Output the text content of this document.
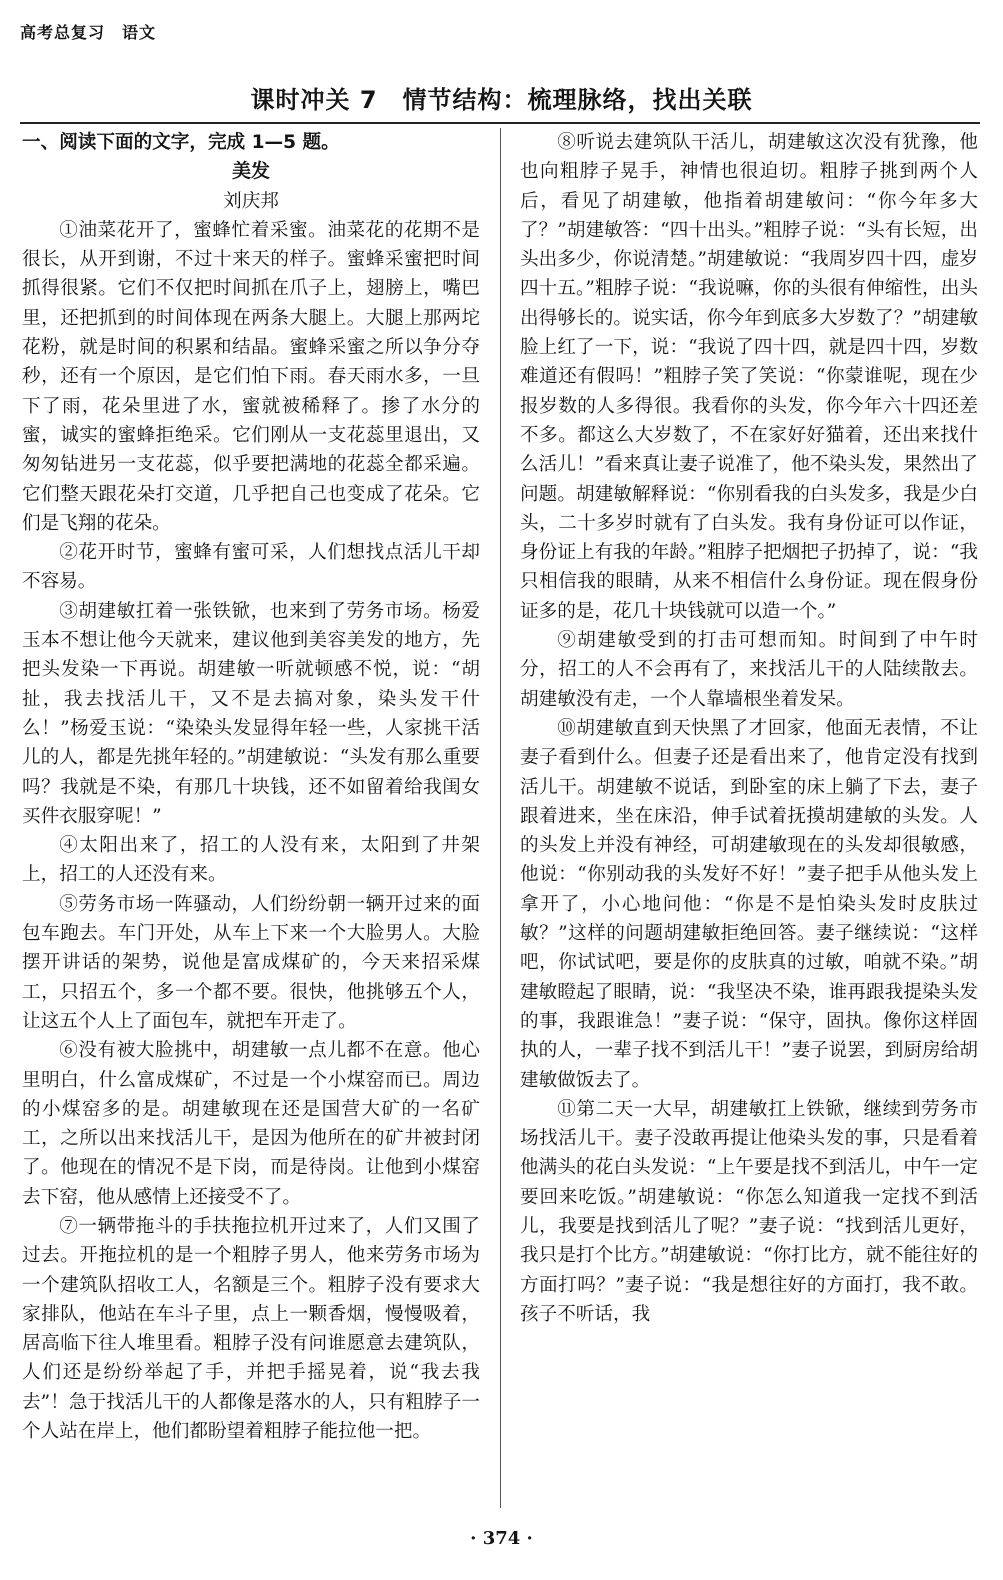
高考总复习　语文
课时冲关 7　情节结构：梳理脉络，找出关联

一、阅读下面的文字，完成 1—5 题。

美发

刘庆邦

①油菜花开了，蜜蜂忙着采蜜。油菜花的花期不是很长，从开到谢，不过十来天的样子。蜜蜂采蜜把时间抓得很紧。它们不仅把时间抓在爪子上，翅膀上，嘴巴里，还把抓到的时间体现在两条大腿上。大腿上那两坨花粉，就是时间的积累和结晶。蜜蜂采蜜之所以争分夺秒，还有一个原因，是它们怕下雨。春天雨水多，一旦下了雨，花朵里进了水，蜜就被稀释了。掺了水分的蜜，诚实的蜜蜂拒绝采。它们刚从一支花蕊里退出，又匆匆钻进另一支花蕊，似乎要把满地的花蕊全都采遍。它们整天跟花朵打交道，几乎把自己也变成了花朵。它们是飞翔的花朵。

②花开时节，蜜蜂有蜜可采，人们想找点活儿干却不容易。

③胡建敏扛着一张铁锨，也来到了劳务市场。杨爱玉本不想让他今天就来，建议他到美容美发的地方，先把头发染一下再说。胡建敏一听就顿感不悦，说：“胡扯，我去找活儿干，又不是去搞对象，染头发干什么！”杨爱玉说：“染染头发显得年轻一些，人家挑干活儿的人，都是先挑年轻的。”胡建敏说：“头发有那么重要吗？我就是不染，有那几十块钱，还不如留着给我闺女买件衣服穿呢！”

④太阳出来了，招工的人没有来，太阳到了井架上，招工的人还没有来。

⑤劳务市场一阵骚动，人们纷纷朝一辆开过来的面包车跑去。车门开处，从车上下来一个大脸男人。大脸摆开讲话的架势，说他是富成煤矿的，今天来招采煤工，只招五个，多一个都不要。很快，他挑够五个人，让这五个人上了面包车，就把车开走了。

⑥没有被大脸挑中，胡建敏一点儿都不在意。他心里明白，什么富成煤矿，不过是一个小煤窑而已。周边的小煤窑多的是。胡建敏现在还是国营大矿的一名矿工，之所以出来找活儿干，是因为他所在的矿井被封闭了。他现在的情况不是下岗，而是待岗。让他到小煤窑去下窑，他从感情上还接受不了。

⑦一辆带拖斗的手扶拖拉机开过来了，人们又围了过去。开拖拉机的是一个粗脖子男人，他来劳务市场为一个建筑队招收工人，名额是三个。粗脖子没有要求大家排队，他站在车斗子里，点上一颗香烟，慢慢吸着，居高临下往人堆里看。粗脖子没有问谁愿意去建筑队，人们还是纷纷举起了手，并把手摇晃着，说“我去我去”！急于找活儿干的人都像是落水的人，只有粗脖子一个人站在岸上，他们都盼望着粗脖子能拉他一把。

⑧听说去建筑队干活儿，胡建敏这次没有犹豫，他也向粗脖子晃手，神情也很迫切。粗脖子挑到两个人后，看见了胡建敏，他指着胡建敏问：“你今年多大了？”胡建敏答：“四十出头。”粗脖子说：“头有长短，出头出多少，你说清楚。”胡建敏说：“我周岁四十四，虚岁四十五。”粗脖子说：“我说嘛，你的头很有伸缩性，出头出得够长的。说实话，你今年到底多大岁数了？”胡建敏脸上红了一下，说：“我说了四十四，就是四十四，岁数难道还有假吗！”粗脖子笑了笑说：“你蒙谁呢，现在少报岁数的人多得很。我看你的头发，你今年六十四还差不多。都这么大岁数了，不在家好好猫着，还出来找什么活儿！”看来真让妻子说准了，他不染头发，果然出了问题。胡建敏解释说：“你别看我的白头发多，我是少白头，二十多岁时就有了白头发。我有身份证可以作证，身份证上有我的年龄。”粗脖子把烟把子扔掉了，说：“我只相信我的眼睛，从来不相信什么身份证。现在假身份证多的是，花几十块钱就可以造一个。”

⑨胡建敏受到的打击可想而知。时间到了中午时分，招工的人不会再有了，来找活儿干的人陆续散去。胡建敏没有走，一个人靠墙根坐着发呆。

⑩胡建敏直到天快黑了才回家，他面无表情，不让妻子看到什么。但妻子还是看出来了，他肯定没有找到活儿干。胡建敏不说话，到卧室的床上躺了下去，妻子跟着进来，坐在床沿，伸手试着抚摸胡建敏的头发。人的头发上并没有神经，可胡建敏现在的头发却很敏感，他说：“你别动我的头发好不好！”妻子把手从他头发上拿开了，小心地问他：“你是不是怕染头发时皮肤过敏？”这样的问题胡建敏拒绝回答。妻子继续说：“这样吧，你试试吧，要是你的皮肤真的过敏，咱就不染。”胡建敏瞪起了眼睛，说：“我坚决不染，谁再跟我提染头发的事，我跟谁急！”妻子说：“保守，固执。像你这样固执的人，一辈子找不到活儿干！”妻子说罢，到厨房给胡建敏做饭去了。

⑪第二天一大早，胡建敏扛上铁锨，继续到劳务市场找活儿干。妻子没敢再提让他染头发的事，只是看着他满头的花白头发说：“上午要是找不到活儿，中午一定要回来吃饭。”胡建敏说：“你怎么知道我一定找不到活儿，我要是找到活儿了呢？”妻子说：“找到活儿更好，我只是打个比方。”胡建敏说：“你打比方，就不能往好的方面打吗？”妻子说：“我是想往好的方面打，我不敢。孩子不听话，我

· 374 ·
